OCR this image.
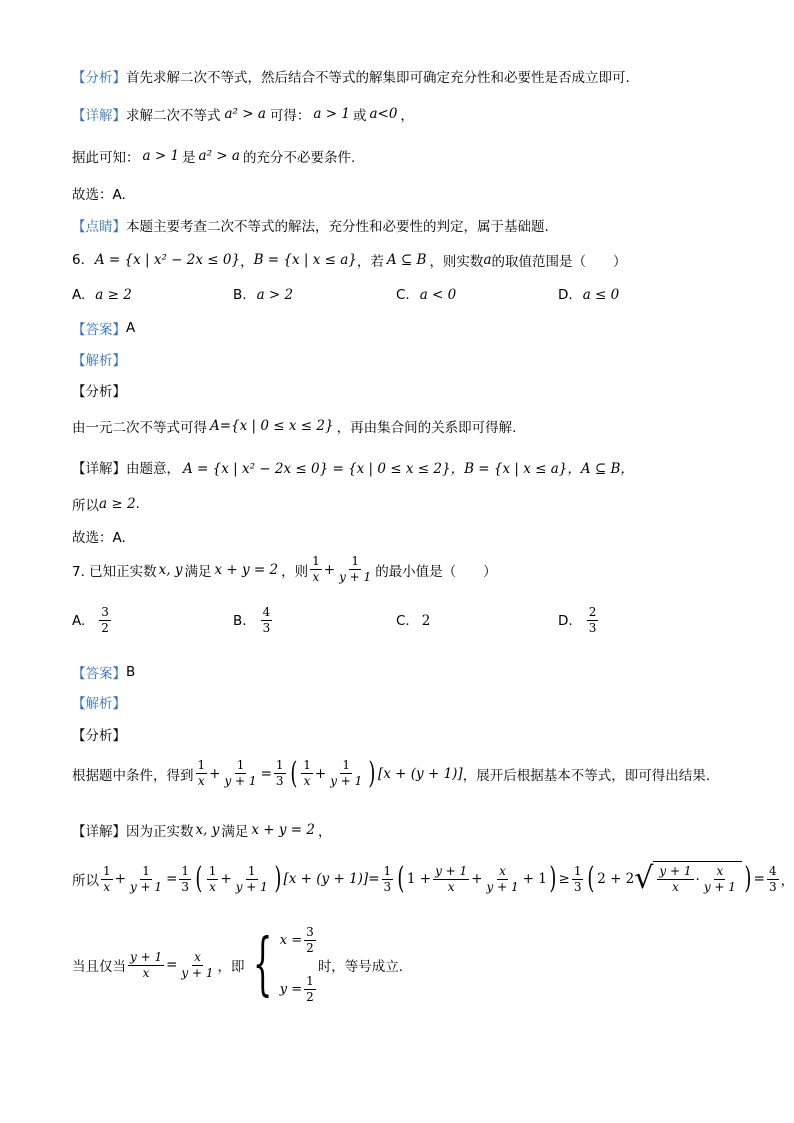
【分析】 首先求解二次不等式，然后结合不等式的解集即可确定充分性和必要性是否成立即可.
【详解】 求解二次不等式 a² > a 可得： a > 1 或 a<0 ，
据此可知： a > 1 是 a² > a 的充分不必要条件.
故选：A.
【点睛】 本题主要考查二次不等式的解法，充分性和必要性的判定，属于基础题.
6. A = {x | x² − 2x ≤ 0} ， B = {x | x ≤ a} ，若 A ⊆ B ，则实数 a 的取值范围是（　　）
A. a ≥ 2	B. a > 2	C. a < 0	D. a ≤ 0
【答案】 A
【解析】
【分析】
由一元二次不等式可得 A={x | 0 ≤ x ≤ 2} ，再由集合间的关系即可得解.
【详解】 由题意， A = {x | x² − 2x ≤ 0} = {x | 0 ≤ x ≤ 2}，B = {x | x ≤ a}，A ⊆ B，
所以 a ≥ 2 .
故选：A.
7. 已知正实数 x, y 满足 x + y = 2 ，则 $\frac{1}{x} + \frac{1}{y + 1}$ 的最小值是（　　）
A. $\frac{3}{2}$	B. $\frac{4}{3}$	C. 2	D. $\frac{2}{3}$
【答案】 B
【解析】
【分析】
根据题中条件，得到 $\frac{1}{x} + \frac{1}{y + 1} = \frac{1}{3}$ ( $\frac{1}{x} + \frac{1}{y + 1}$ ) [x + (y + 1)] ，展开后根据基本不等式，即可得出结果.
【详解】 因为正实数 x, y 满足 x + y = 2 ，
所以 $\frac{1}{x} + \frac{1}{y + 1} = \frac{1}{3}$ ( $\frac{1}{x} + \frac{1}{y + 1}$ ) $[x + (y + 1)] = \frac{1}{3}$ ( $1 + \frac{y + 1}{x} + \frac{x}{y + 1} + 1$ ) ≥ $\frac{1}{3}$ ( 2 + 2 √ $\frac{y + 1}{x} \cdot \frac{x}{y + 1}$ ) = $\frac{4}{3}$ ，
当且仅当 $\frac{y + 1}{x} = \frac{x}{y + 1}$ ，即 { $x = \frac{3}{2}$
$y = \frac{1}{2}$
时，等号成立.
